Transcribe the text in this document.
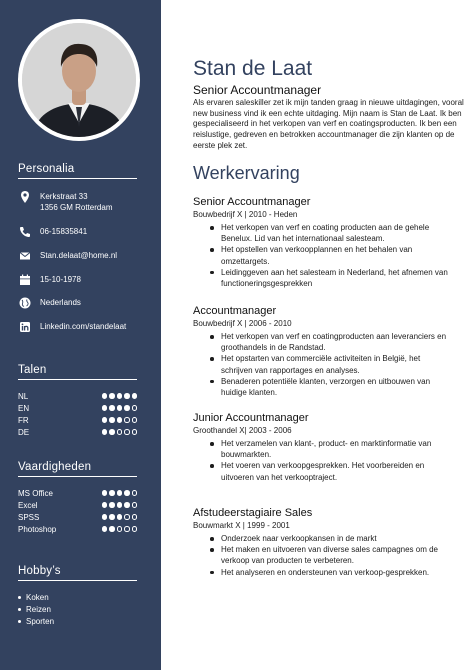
Personalia
Kerkstraat 33
1356 GM Rotterdam
06-15835841
Stan.delaat@home.nl
15-10-1978
Nederlands
Linkedin.com/standelaat
Talen
NL
EN
FR
DE
Vaardigheden
MS Office
Excel
SPSS
Photoshop
Hobby’s
Koken
Reizen
Sporten
Stan de Laat
Senior Accountmanager
Als ervaren saleskiller zet ik mijn tanden graag in nieuwe uitdagingen, vooral new business vind ik een echte uitdaging. Mijn naam is Stan de Laat. Ik ben gespecialiseerd in het verkopen van verf en coatingsproducten. Ik ben een reislustige, gedreven en betrokken accountmanager die zijn klanten op de eerste plek zet.
Werkervaring
Senior Accountmanager
Bouwbedrijf X | 2010 - Heden
Het verkopen van verf en coating producten aan de gehele Benelux. Lid van het internationaal salesteam.
Het opstellen van verkoopplannen en het behalen van omzettargets.
Leidinggeven aan het salesteam in Nederland, het afnemen van functioneringsgesprekken
Accountmanager
Bouwbedrijf X | 2006 - 2010
Het verkopen van verf en coatingproducten aan leveranciers en groothandels in de Randstad.
Het opstarten van commerciële activiteiten in België, het schrijven van rapportages en analyses.
Benaderen potentiële klanten, verzorgen en uitbouwen van huidige klanten.
Junior Accountmanager
Groothandel X| 2003 - 2006
Het verzamelen van klant-, product- en marktinformatie van bouwmarkten.
Het voeren van verkoopgesprekken. Het voorbereiden en uitvoeren van het verkooptraject.
Afstudeerstagiaire Sales
Bouwmarkt X | 1999 - 2001
Onderzoek naar verkoopkansen in de markt
Het maken en uitvoeren van diverse sales campagnes om de verkoop van producten te verbeteren.
Het analyseren en ondersteunen van verkoop-gesprekken.
